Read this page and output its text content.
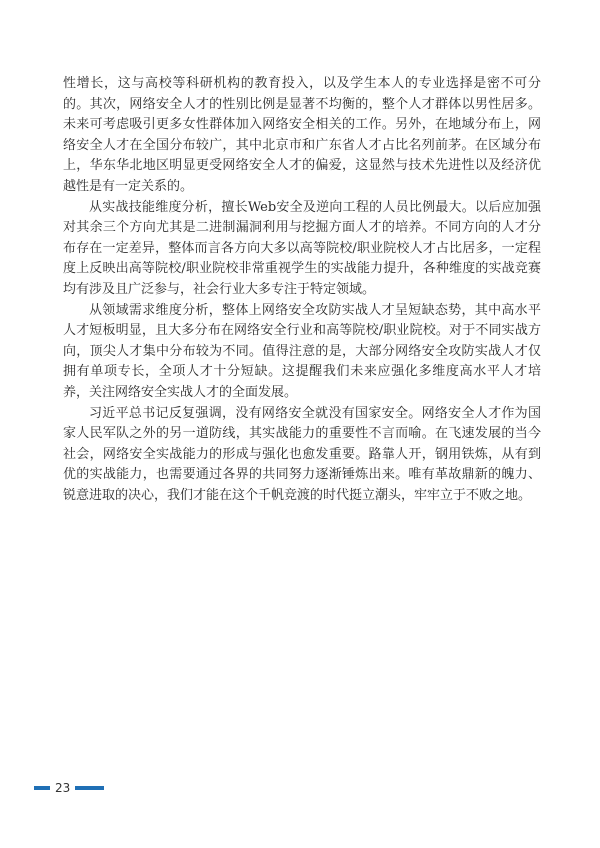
性增长，这与高校等科研机构的教育投入，以及学生本人的专业选择是密不可分的。其次，网络安全人才的性别比例是显著不均衡的，整个人才群体以男性居多。未来可考虑吸引更多女性群体加入网络安全相关的工作。另外，在地域分布上，网络安全人才在全国分布较广，其中北京市和广东省人才占比名列前茅。在区域分布上，华东华北地区明显更受网络安全人才的偏爱，这显然与技术先进性以及经济优越性是有一定关系的。

从实战技能维度分析，擅长Web安全及逆向工程的人员比例最大。以后应加强对其余三个方向尤其是二进制漏洞利用与挖掘方面人才的培养。不同方向的人才分布存在一定差异，整体而言各方向大多以高等院校/职业院校人才占比居多，一定程度上反映出高等院校/职业院校非常重视学生的实战能力提升，各种维度的实战竞赛均有涉及且广泛参与，社会行业大多专注于特定领域。

从领域需求维度分析，整体上网络安全攻防实战人才呈短缺态势，其中高水平人才短板明显，且大多分布在网络安全行业和高等院校/职业院校。对于不同实战方向，顶尖人才集中分布较为不同。值得注意的是，大部分网络安全攻防实战人才仅拥有单项专长，全项人才十分短缺。这提醒我们未来应强化多维度高水平人才培养，关注网络安全实战人才的全面发展。

习近平总书记反复强调，没有网络安全就没有国家安全。网络安全人才作为国家人民军队之外的另一道防线，其实战能力的重要性不言而喻。在飞速发展的当今社会，网络安全实战能力的形成与强化也愈发重要。路靠人开，钢用铁炼，从有到优的实战能力，也需要通过各界的共同努力逐渐锤炼出来。唯有革故鼎新的魄力、锐意进取的决心，我们才能在这个千帆竞渡的时代挺立潮头，牢牢立于不败之地。

23
